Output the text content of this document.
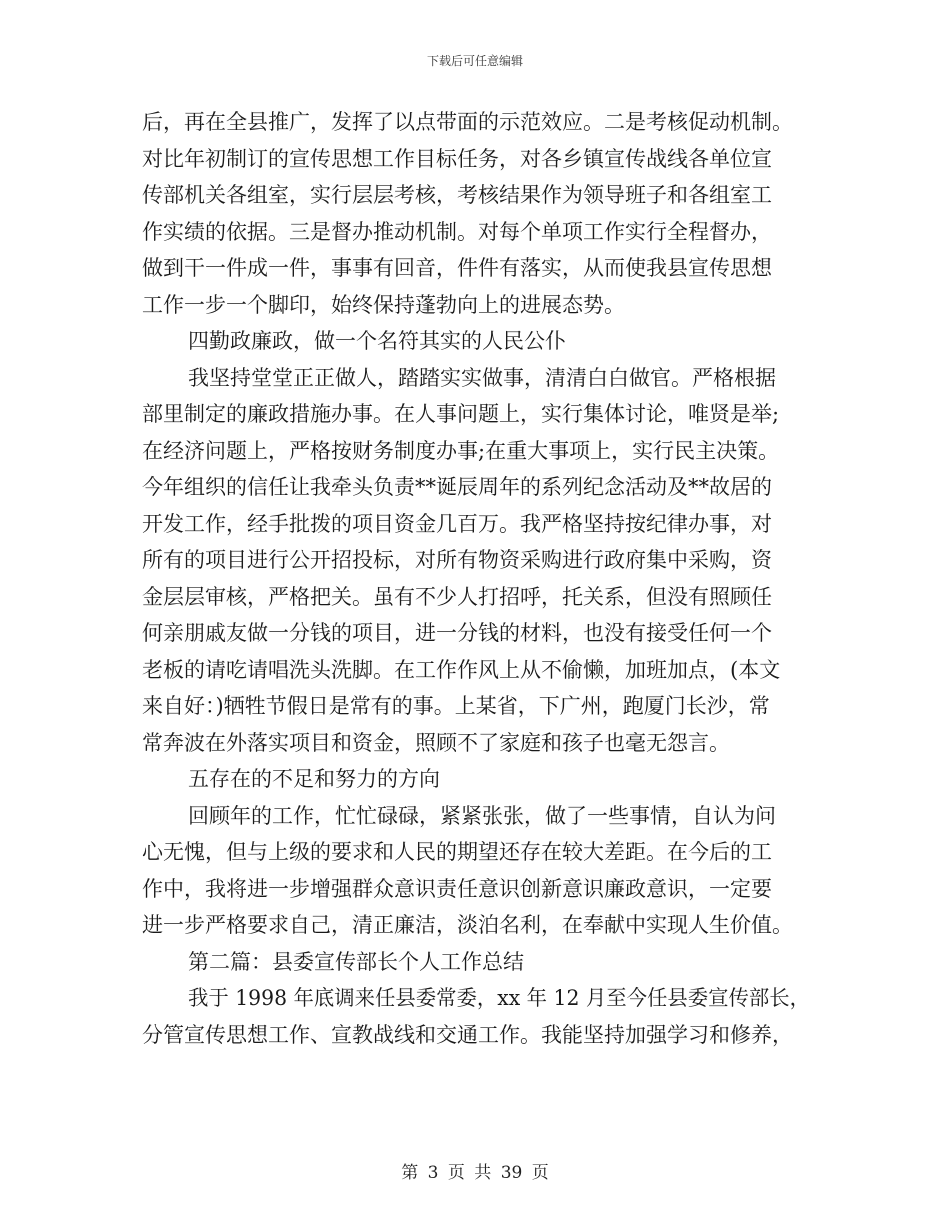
下载后可任意编辑
后，再在全县推广，发挥了以点带面的示范效应。二是考核促动机制。
对比年初制订的宣传思想工作目标任务，对各乡镇宣传战线各单位宣
传部机关各组室，实行层层考核，考核结果作为领导班子和各组室工
作实绩的依据。三是督办推动机制。对每个单项工作实行全程督办，
做到干一件成一件，事事有回音，件件有落实，从而使我县宣传思想
工作一步一个脚印，始终保持蓬勃向上的进展态势。
四勤政廉政，做一个名符其实的人民公仆
我坚持堂堂正正做人，踏踏实实做事，清清白白做官。严格根据
部里制定的廉政措施办事。在人事问题上，实行集体讨论，唯贤是举;
在经济问题上，严格按财务制度办事;在重大事项上，实行民主决策。
今年组织的信任让我牵头负责**诞辰周年的系列纪念活动及**故居的
开发工作，经手批拨的项目资金几百万。我严格坚持按纪律办事，对
所有的项目进行公开招投标，对所有物资采购进行政府集中采购，资
金层层审核，严格把关。虽有不少人打招呼，托关系，但没有照顾任
何亲朋戚友做一分钱的项目，进一分钱的材料，也没有接受任何一个
老板的请吃请唱洗头洗脚。在工作作风上从不偷懒，加班加点，(本文
来自好：)牺牲节假日是常有的事。上某省，下广州，跑厦门长沙，常
常奔波在外落实项目和资金，照顾不了家庭和孩子也毫无怨言。
五存在的不足和努力的方向
回顾年的工作，忙忙碌碌，紧紧张张，做了一些事情，自认为问
心无愧，但与上级的要求和人民的期望还存在较大差距。在今后的工
作中，我将进一步增强群众意识责任意识创新意识廉政意识，一定要
进一步严格要求自己，清正廉洁，淡泊名利，在奉献中实现人生价值。
第二篇：县委宣传部长个人工作总结
我于 1998 年底调来任县委常委，xx 年 12 月至今任县委宣传部长，
分管宣传思想工作、宣教战线和交通工作。我能坚持加强学习和修养，
第 3 页 共 39 页
